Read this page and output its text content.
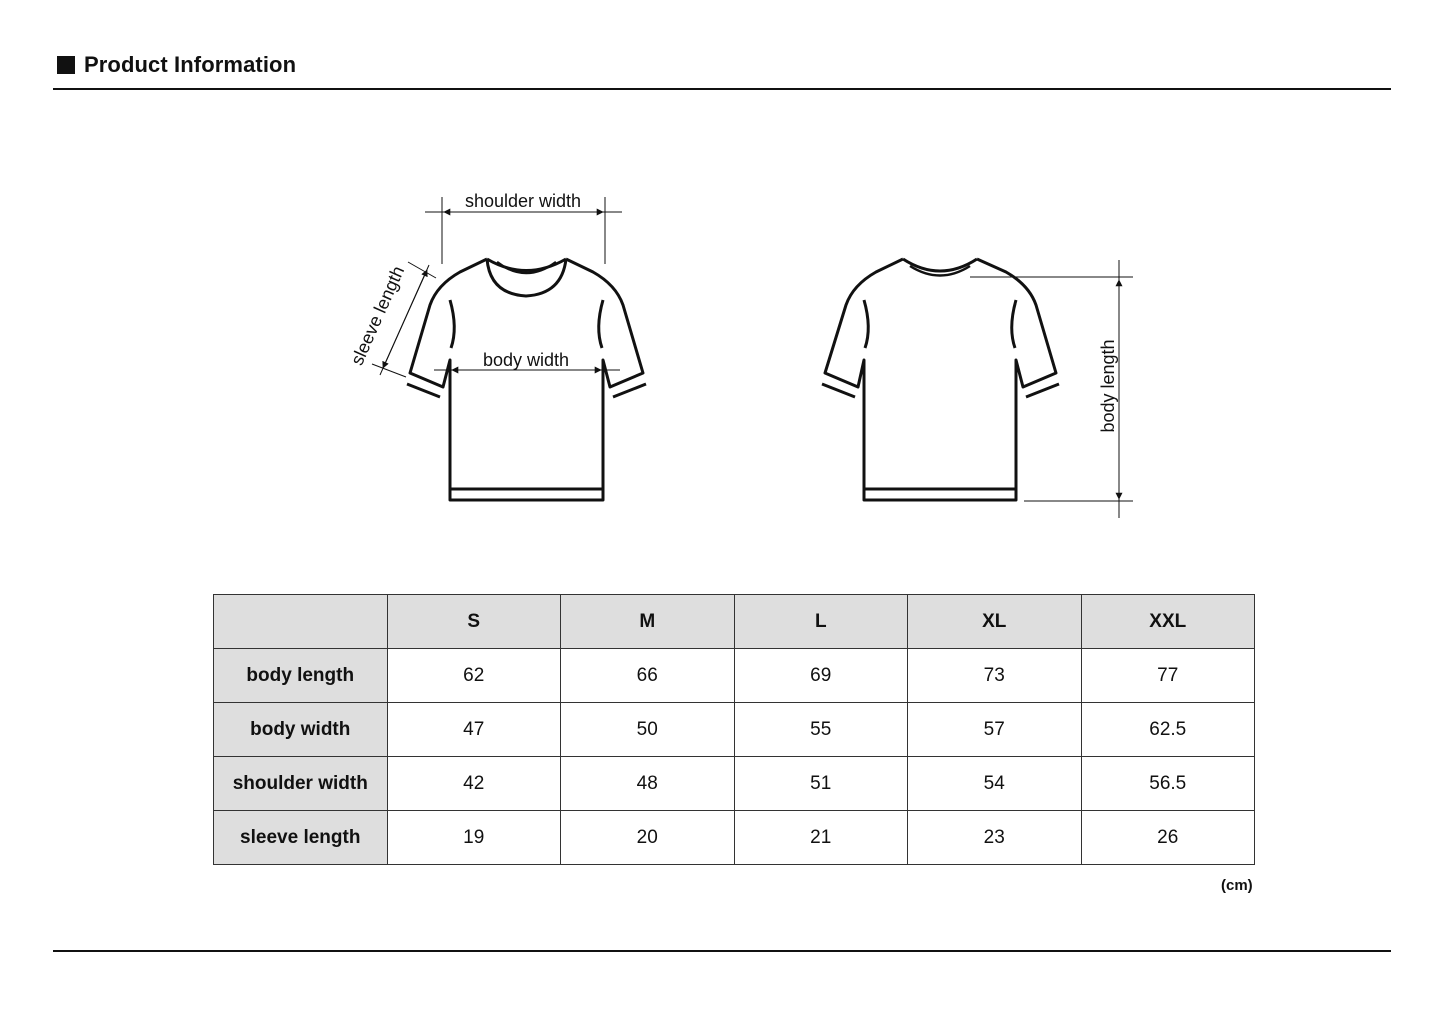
Product Information
shoulder width
sleeve length	body width	body length
	S	M	L	XL	XXL
body length	62	66	69	73	77
body width	47	50	55	57	62.5
shoulder width	42	48	51	54	56.5
sleeve length	19	20	21	23	26
(cm)
